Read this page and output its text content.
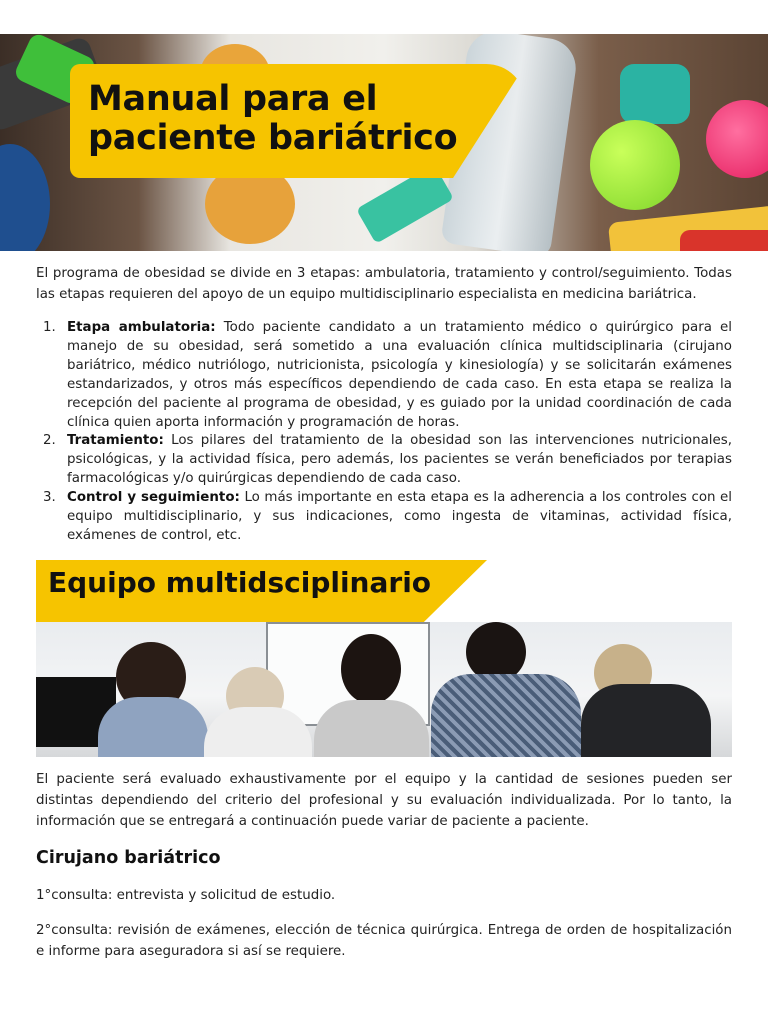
Manual para el paciente bariátrico

El programa de obesidad se divide en 3 etapas: ambulatoria, tratamiento y control/seguimiento. Todas las etapas requieren del apoyo de un equipo multidisciplinario especialista en medicina bariátrica.

1. Etapa ambulatoria: Todo paciente candidato a un tratamiento médico o quirúrgico para el manejo de su obesidad, será sometido a una evaluación clínica multidsciplinaria (cirujano bariátrico, médico nutriólogo, nutricionista, psicología y kinesiología) y se solicitarán exámenes estandarizados, y otros más específicos dependiendo de cada caso. En esta etapa se realiza la recepción del paciente al programa de obesidad, y es guiado por la unidad coordinación de cada clínica quien aporta información y programación de horas.
2. Tratamiento: Los pilares del tratamiento de la obesidad son las intervenciones nutricionales, psicológicas, y la actividad física, pero además, los pacientes se verán beneficiados por terapias farmacológicas y/o quirúrgicas dependiendo de cada caso.
3. Control y seguimiento: Lo más importante en esta etapa es la adherencia a los controles con el equipo multidisciplinario, y sus indicaciones, como ingesta de vitaminas, actividad física, exámenes de control, etc.
Equipo multidsciplinario

El paciente será evaluado exhaustivamente por el equipo y la cantidad de sesiones pueden ser distintas dependiendo del criterio del profesional y su evaluación individualizada. Por lo tanto, la información que se entregará a continuación puede variar de paciente a paciente.

Cirujano bariátrico

1°consulta: entrevista y solicitud de estudio.

2°consulta: revisión de exámenes, elección de técnica quirúrgica. Entrega de orden de hospitalización e informe para aseguradora si así se requiere.
